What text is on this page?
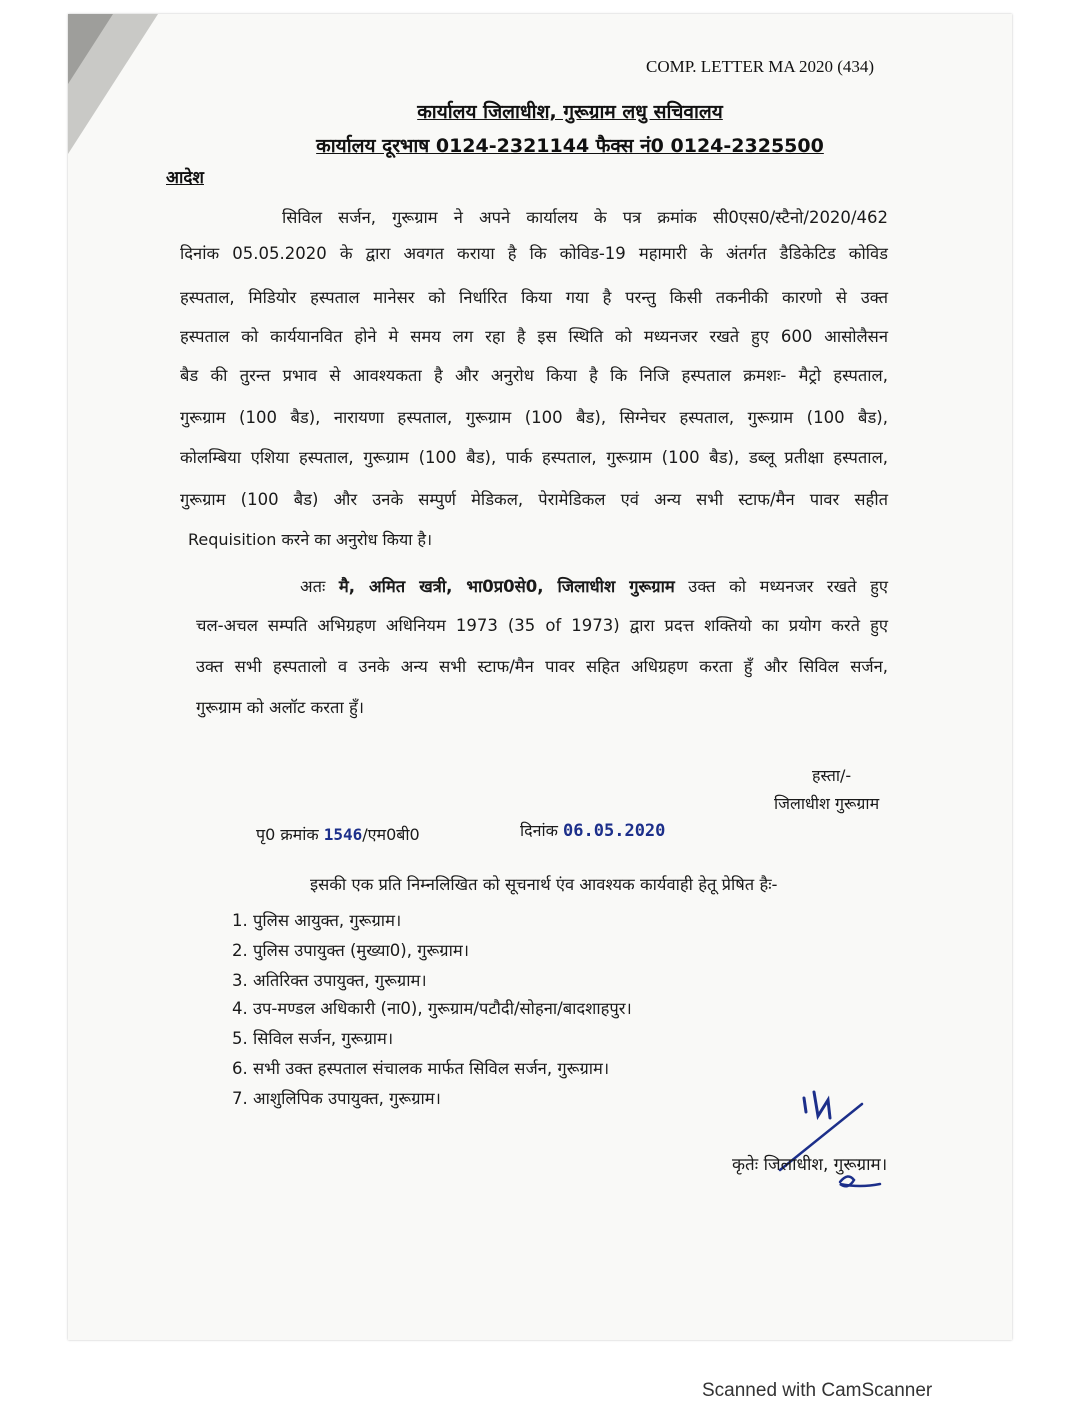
COMP. LETTER MA 2020 (434)
कार्यालय जिलाधीश, गुरूग्राम लधु सचिवालय
कार्यालय दूरभाष 0124-2321144 फैक्स नं0 0124-2325500
आदेश
सिविल सर्जन, गुरूग्राम ने अपने कार्यालय के पत्र क्रमांक सी0एस0/स्टैनो/2020/462
दिनांक 05.05.2020 के द्वारा अवगत कराया है कि कोविड-19 महामारी के अंतर्गत डैडिकेटिड कोविड
हस्पताल, मिडियोर हस्पताल मानेसर को निर्धारित किया गया है परन्तु किसी तकनीकी कारणो से उक्त
हस्पताल को कार्ययानवित होने मे समय लग रहा है इस स्थिति को मध्यनजर रखते हुए 600 आसोलैसन
बैड की तुरन्त प्रभाव से आवश्यकता है और अनुरोध किया है कि निजि हस्पताल क्रमशः- मैट्रो हस्पताल,
गुरूग्राम (100 बैड), नारायणा हस्पताल, गुरूग्राम (100 बैड), सिग्नेचर हस्पताल, गुरूग्राम (100 बैड),
कोलम्बिया एशिया हस्पताल, गुरूग्राम (100 बैड), पार्क हस्पताल, गुरूग्राम (100 बैड), डब्लू प्रतीक्षा हस्पताल,
गुरूग्राम (100 बैड) और उनके सम्पुर्ण मेडिकल, पेरामेडिकल एवं अन्य सभी स्टाफ/मैन पावर सहीत
Requisition करने का अनुरोध किया है।
अतः मै, अमित खत्री, भा0प्र0से0, जिलाधीश गुरूग्राम उक्त को मध्यनजर रखते हुए
चल-अचल सम्पति अभिग्रहण अधिनियम 1973 (35 of 1973) द्वारा प्रदत्त शक्तियो का प्रयोग करते हुए
उक्त सभी हस्पतालो व उनके अन्य सभी स्टाफ/मैन पावर सहित अधिग्रहण करता हुँ और सिविल सर्जन,
गुरूग्राम को अलॉट करता हुँ।
हस्ता/-
जिलाधीश गुरूग्राम
पृ0 क्रमांक 1546/एम0बी0	दिनांक 06.05.2020
इसकी एक प्रति निम्नलिखित को सूचनार्थ एंव आवश्यक कार्यवाही हेतू प्रेषित हैः-
1. पुलिस आयुक्त, गुरूग्राम।
2. पुलिस उपायुक्त (मुख्या0), गुरूग्राम।
3. अतिरिक्त उपायुक्त, गुरूग्राम।
4. उप-मण्डल अधिकारी (ना0), गुरूग्राम/पटौदी/सोहना/बादशाहपुर।
5. सिविल सर्जन, गुरूग्राम।
6. सभी उक्त हस्पताल संचालक मार्फत सिविल सर्जन, गुरूग्राम।
7. आशुलिपिक उपायुक्त, गुरूग्राम।
कृतेः जिलाधीश, गुरूग्राम।
Scanned with CamScanner
